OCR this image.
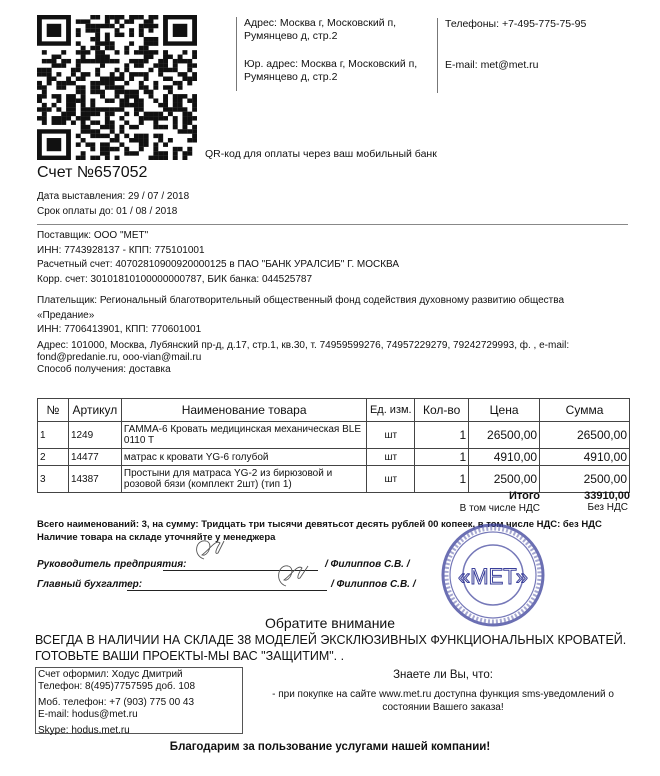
Адрес: Москва г, Московский п,
Румянцево д, стр.2
Юр. адрес: Москва г, Московский п,
Румянцево д, стр.2
Телефоны: +7-495-775-75-95
E-mail: met@met.ru
QR-код для оплаты через ваш мобильный банк
Счет №657052
Дата выставления: 29 / 07 / 2018
Срок оплаты до: 01 / 08 / 2018
Поставщик: ООО "МЕТ"
ИНН: 7743928137 - КПП: 775101001
Расчетный счет: 40702810900920000125 в ПАО "БАНК УРАЛСИБ" Г. МОСКВА
Корр. счет: 30101810100000000787, БИК банка: 044525787
Плательщик: Региональный благотворительный общественный фонд содействия духовному развитию общества «Предание»
ИНН: 7706413901, КПП: 770601001
Адрес: 101000, Москва, Лубянский пр-д, д.17, стр.1, кв.30, т. 74959599276, 74957229279, 79242729993, ф. , e-mail: fond@predanie.ru, ooo-vian@mail.ru
Способ получения: доставка
№	Артикул	Наименование товара	Ед. изм.	Кол-во	Цена	Сумма
1	1249	ГАММА-6 Кровать медицинская механическая BLE 0110 T	шт	1	26500,00	26500,00
2	14477	матрас к кровати YG-6 голубой	шт	1	4910,00	4910,00
3	14387	Простыни для матраса YG-2 из бирюзовой и розовой бязи (комплект 2шт) (тип 1)	шт	1	2500,00	2500,00
Итого	33910,00
В том числе НДС	Без НДС
Всего наименований: 3, на сумму: Тридцать три тысячи девятьсот десять рублей 00 копеек, в том числе НДС: без НДС
Наличие товара на складе уточняйте у менеджера
«МЕТ»
Руководитель предприятия:	/ Филиппов С.В. /
Главный бухгалтер:	/ Филиппов С.В. /
Обратите внимание
ВСЕГДА В НАЛИЧИИ НА СКЛАДЕ 38 МОДЕЛЕЙ ЭКСКЛЮЗИВНЫХ ФУНКЦИОНАЛЬНЫХ КРОВАТЕЙ.
ГОТОВЬТЕ ВАШИ ПРОЕКТЫ-МЫ ВАС "ЗАЩИТИМ". .
Счет оформил: Ходус Дмитрий
Телефон: 8(495)7757595 доб. 108
Моб. телефон: +7 (903) 775 00 43
E-mail: hodus@met.ru
Skype: hodus.met.ru
Знаете ли Вы, что:
- при покупке на сайте www.met.ru доступна функция sms-уведомлений о состоянии Вашего заказа!
Благодарим за пользование услугами нашей компании!
